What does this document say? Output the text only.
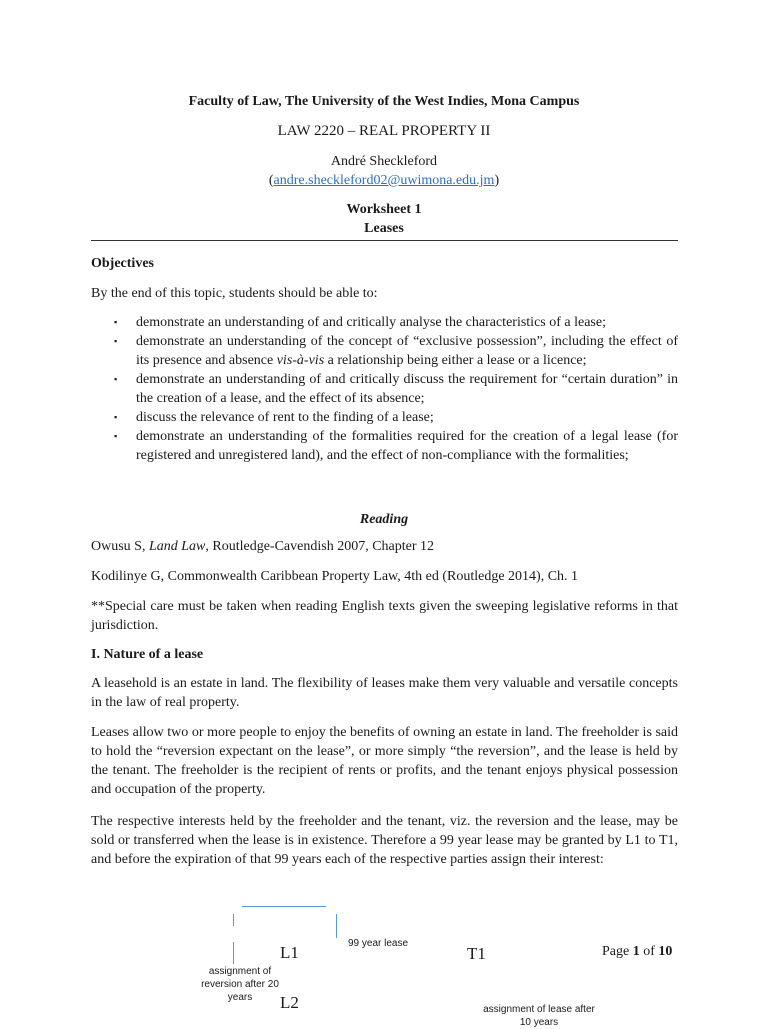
Faculty of Law, The University of the West Indies, Mona Campus
LAW 2220 – REAL PROPERTY II
André Sheckleford
(andre.sheckleford02@uwimona.edu.jm)
Worksheet 1
Leases
Objectives
By the end of this topic, students should be able to:
▪ demonstrate an understanding of and critically analyse the characteristics of a lease;
▪ demonstrate an understanding of the concept of “exclusive possession”, including the effect of its presence and absence vis-à-vis a relationship being either a lease or a licence;
▪ demonstrate an understanding of and critically discuss the requirement for “certain duration” in the creation of a lease, and the effect of its absence;
▪ discuss the relevance of rent to the finding of a lease;
▪ demonstrate an understanding of the formalities required for the creation of a legal lease (for registered and unregistered land), and the effect of non-compliance with the formalities;
Reading
Owusu S, Land Law, Routledge-Cavendish 2007, Chapter 12
Kodilinye G, Commonwealth Caribbean Property Law, 4th ed (Routledge 2014), Ch. 1
**Special care must be taken when reading English texts given the sweeping legislative reforms in that jurisdiction.
I. Nature of a lease
A leasehold is an estate in land. The flexibility of leases make them very valuable and versatile concepts in the law of real property.
Leases allow two or more people to enjoy the benefits of owning an estate in land. The freeholder is said to hold the “reversion expectant on the lease”, or more simply “the reversion”, and the lease is held by the tenant. The freeholder is the recipient of rents or profits, and the tenant enjoys physical possession and occupation of the property.
The respective interests held by the freeholder and the tenant, viz. the reversion and the lease, may be sold or transferred when the lease is in existence. Therefore a 99 year lease may be granted by L1 to T1, and before the expiration of that 99 years each of the respective parties assign their interest:
L1	99 year lease
T1
assignment of reversion after 20 years	L2	assignment of lease after 10 years
Page 1 of 10
